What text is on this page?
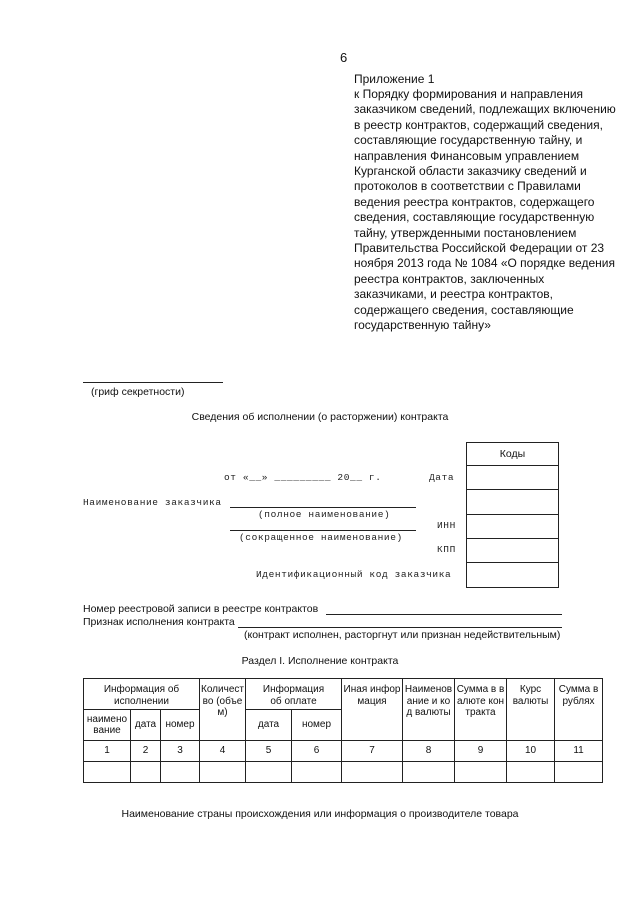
6
Приложение 1
к Порядку формирования и направления заказчиком сведений, подлежащих включению в реестр контрактов, содержащий сведения, составляющие государственную тайну, и направления Финансовым управлением Курганской области заказчику сведений и протоколов в соответствии с Правилами ведения реестра контрактов, содержащего сведения, составляющие государственную тайну, утвержденными постановлением Правительства Российской Федерации от 23 ноября 2013 года № 1084 «О порядке ведения реестра контрактов, заключенных заказчиками, и реестра контрактов, содержащего сведения, составляющие государственную тайну»
(гриф секретности)
Сведения об исполнении (о расторжении) контракта
Коды
от «__» _________ 20__ г.	Дата
Наименование заказчика
(полное наименование)
ИНН
(сокращенное наименование)
КПП
Идентификационный код заказчика
Номер реестровой записи в реестре контрактов
Признак исполнения контракта
(контракт исполнен, расторгнут или признан недействительным)
Раздел I. Исполнение контракта
Информация об исполнении			Количество (объем)	Информация об оплате		Иная информация	Наименование и код валюты	Сумма в валюте контракта	Курс валюты	Сумма в рублях
наименование	дата	номер		дата	номер					
1	2	3	4	5	6	7	8	9	10	11

Наименование страны происхождения или информация о производителе товара
